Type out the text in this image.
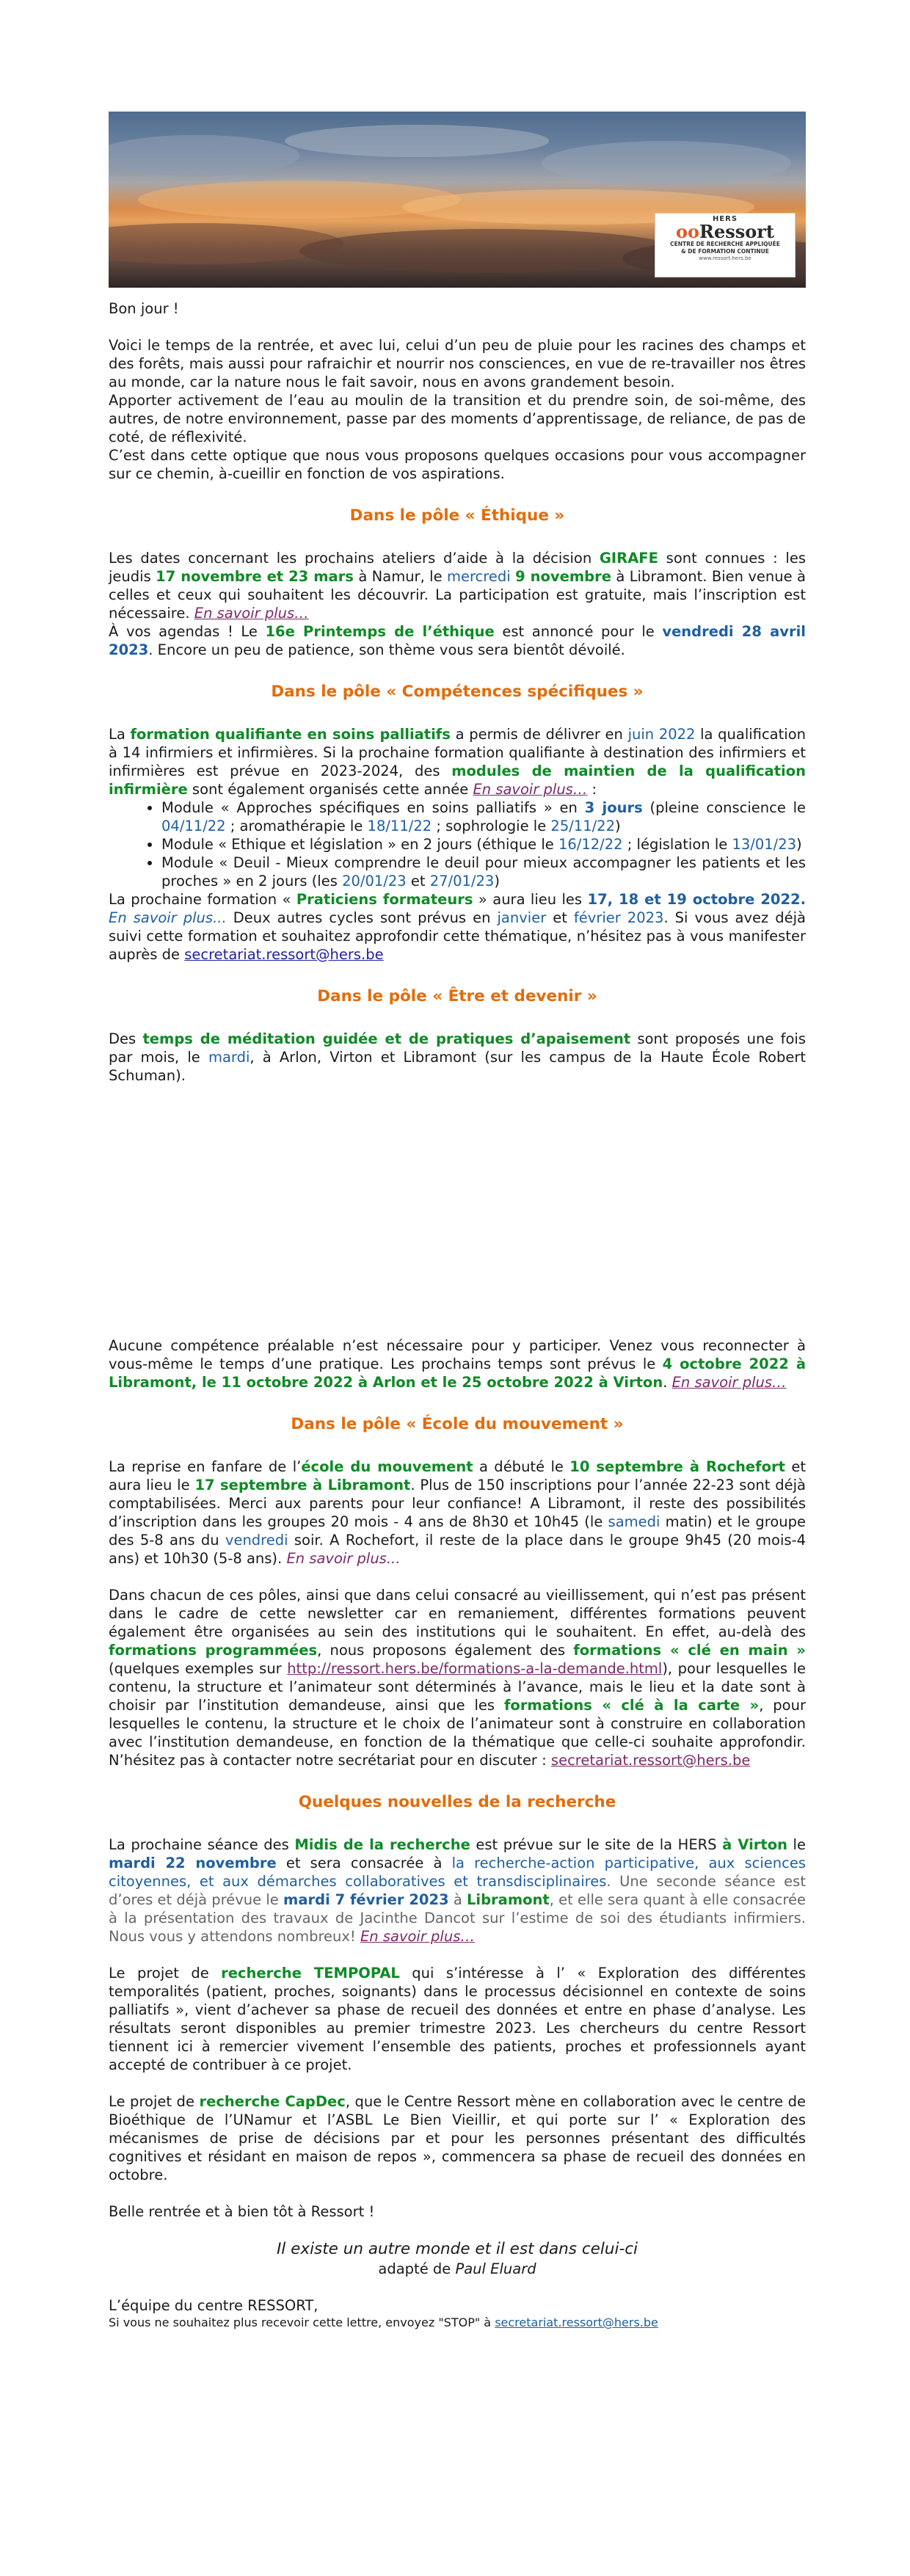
HERS
ooRessort
CENTRE DE RECHERCHE APPLIQUÉE
& DE FORMATION CONTINUE
www.ressort.hers.be

Bon jour !

Voici le temps de la rentrée, et avec lui, celui d’un peu de pluie pour les racines des champs et des forêts, mais aussi pour rafraichir et nourrir nos consciences, en vue de re-travailler nos êtres au monde, car la nature nous le fait savoir, nous en avons grandement besoin.

Apporter activement de l’eau au moulin de la transition et du prendre soin, de soi-même, des autres, de notre environnement, passe par des moments d’apprentissage, de reliance, de pas de coté, de réflexivité.

C’est dans cette optique que nous vous proposons quelques occasions pour vous accompagner sur ce chemin, à-cueillir en fonction de vos aspirations.

Dans le pôle « Éthique »

Les dates concernant les prochains ateliers d’aide à la décision GIRAFE sont connues : les jeudis 17 novembre et 23 mars à Namur, le mercredi 9 novembre à Libramont. Bien venue à celles et ceux qui souhaitent les découvrir. La participation est gratuite, mais l’inscription est nécessaire. En savoir plus…

À vos agendas ! Le 16e Printemps de l’éthique est annoncé pour le vendredi 28 avril 2023. Encore un peu de patience, son thème vous sera bientôt dévoilé.

Dans le pôle « Compétences spécifiques »

La formation qualifiante en soins palliatifs a permis de délivrer en juin 2022 la qualification à 14 infirmiers et infirmières. Si la prochaine formation qualifiante à destination des infirmiers et infirmières est prévue en 2023-2024, des modules de maintien de la qualification infirmière sont également organisés cette année En savoir plus… :

• Module « Approches spécifiques en soins palliatifs » en 3 jours (pleine conscience le 04/11/22 ; aromathérapie le 18/11/22 ; sophrologie le 25/11/22)
• Module « Ethique et législation » en 2 jours (éthique le 16/12/22 ; législation le 13/01/23)
• Module « Deuil - Mieux comprendre le deuil pour mieux accompagner les patients et les proches » en 2 jours (les 20/01/23 et 27/01/23)

La prochaine formation « Praticiens formateurs » aura lieu les 17, 18 et 19 octobre 2022. En savoir plus... Deux autres cycles sont prévus en janvier et février 2023. Si vous avez déjà suivi cette formation et souhaitez approfondir cette thématique, n’hésitez pas à vous manifester auprès de secretariat.ressort@hers.be

Dans le pôle « Être et devenir »

Des temps de méditation guidée et de pratiques d’apaisement sont proposés une fois par mois, le mardi, à Arlon, Virton et Libramont (sur les campus de la Haute École Robert Schuman).

Aucune compétence préalable n’est nécessaire pour y participer. Venez vous reconnecter à vous-même le temps d’une pratique. Les prochains temps sont prévus le 4 octobre 2022 à Libramont, le 11 octobre 2022 à Arlon et le 25 octobre 2022 à Virton. En savoir plus…

Dans le pôle « École du mouvement »

La reprise en fanfare de l’école du mouvement a débuté le 10 septembre à Rochefort et aura lieu le 17 septembre à Libramont. Plus de 150 inscriptions pour l’année 22-23 sont déjà comptabilisées. Merci aux parents pour leur confiance! A Libramont, il reste des possibilités d’inscription dans les groupes 20 mois - 4 ans de 8h30 et 10h45 (le samedi matin) et le groupe des 5-8 ans du vendredi soir. A Rochefort, il reste de la place dans le groupe 9h45 (20 mois-4 ans) et 10h30 (5-8 ans). En savoir plus...

Dans chacun de ces pôles, ainsi que dans celui consacré au vieillissement, qui n’est pas présent dans le cadre de cette newsletter car en remaniement, différentes formations peuvent également être organisées au sein des institutions qui le souhaitent. En effet, au-delà des formations programmées, nous proposons également des formations « clé en main » (quelques exemples sur http://ressort.hers.be/formations-a-la-demande.html), pour lesquelles le contenu, la structure et l’animateur sont déterminés à l’avance, mais le lieu et la date sont à choisir par l’institution demandeuse, ainsi que les formations « clé à la carte », pour lesquelles le contenu, la structure et le choix de l’animateur sont à construire en collaboration avec l’institution demandeuse, en fonction de la thématique que celle-ci souhaite approfondir. N’hésitez pas à contacter notre secrétariat pour en discuter : secretariat.ressort@hers.be

Quelques nouvelles de la recherche

La prochaine séance des Midis de la recherche est prévue sur le site de la HERS à Virton le mardi 22 novembre et sera consacrée à la recherche-action participative, aux sciences citoyennes, et aux démarches collaboratives et transdisciplinaires. Une seconde séance est d’ores et déjà prévue le mardi 7 février 2023 à Libramont, et elle sera quant à elle consacrée à la présentation des travaux de Jacinthe Dancot sur l’estime de soi des étudiants infirmiers. Nous vous y attendons nombreux! En savoir plus…

Le projet de recherche TEMPOPAL qui s’intéresse à l’ « Exploration des différentes temporalités (patient, proches, soignants) dans le processus décisionnel en contexte de soins palliatifs », vient d’achever sa phase de recueil des données et entre en phase d’analyse. Les résultats seront disponibles au premier trimestre 2023. Les chercheurs du centre Ressort tiennent ici à remercier vivement l’ensemble des patients, proches et professionnels ayant accepté de contribuer à ce projet.

Le projet de recherche CapDec, que le Centre Ressort mène en collaboration avec le centre de Bioéthique de l’UNamur et l’ASBL Le Bien Vieillir, et qui porte sur l’ « Exploration des mécanismes de prise de décisions par et pour les personnes présentant des difficultés cognitives et résidant en maison de repos », commencera sa phase de recueil des données en octobre.

Belle rentrée et à bien tôt à Ressort !

Il existe un autre monde et il est dans celui-ci

adapté de Paul Eluard

L’équipe du centre RESSORT,

Si vous ne souhaitez plus recevoir cette lettre, envoyez "STOP" à secretariat.ressort@hers.be
